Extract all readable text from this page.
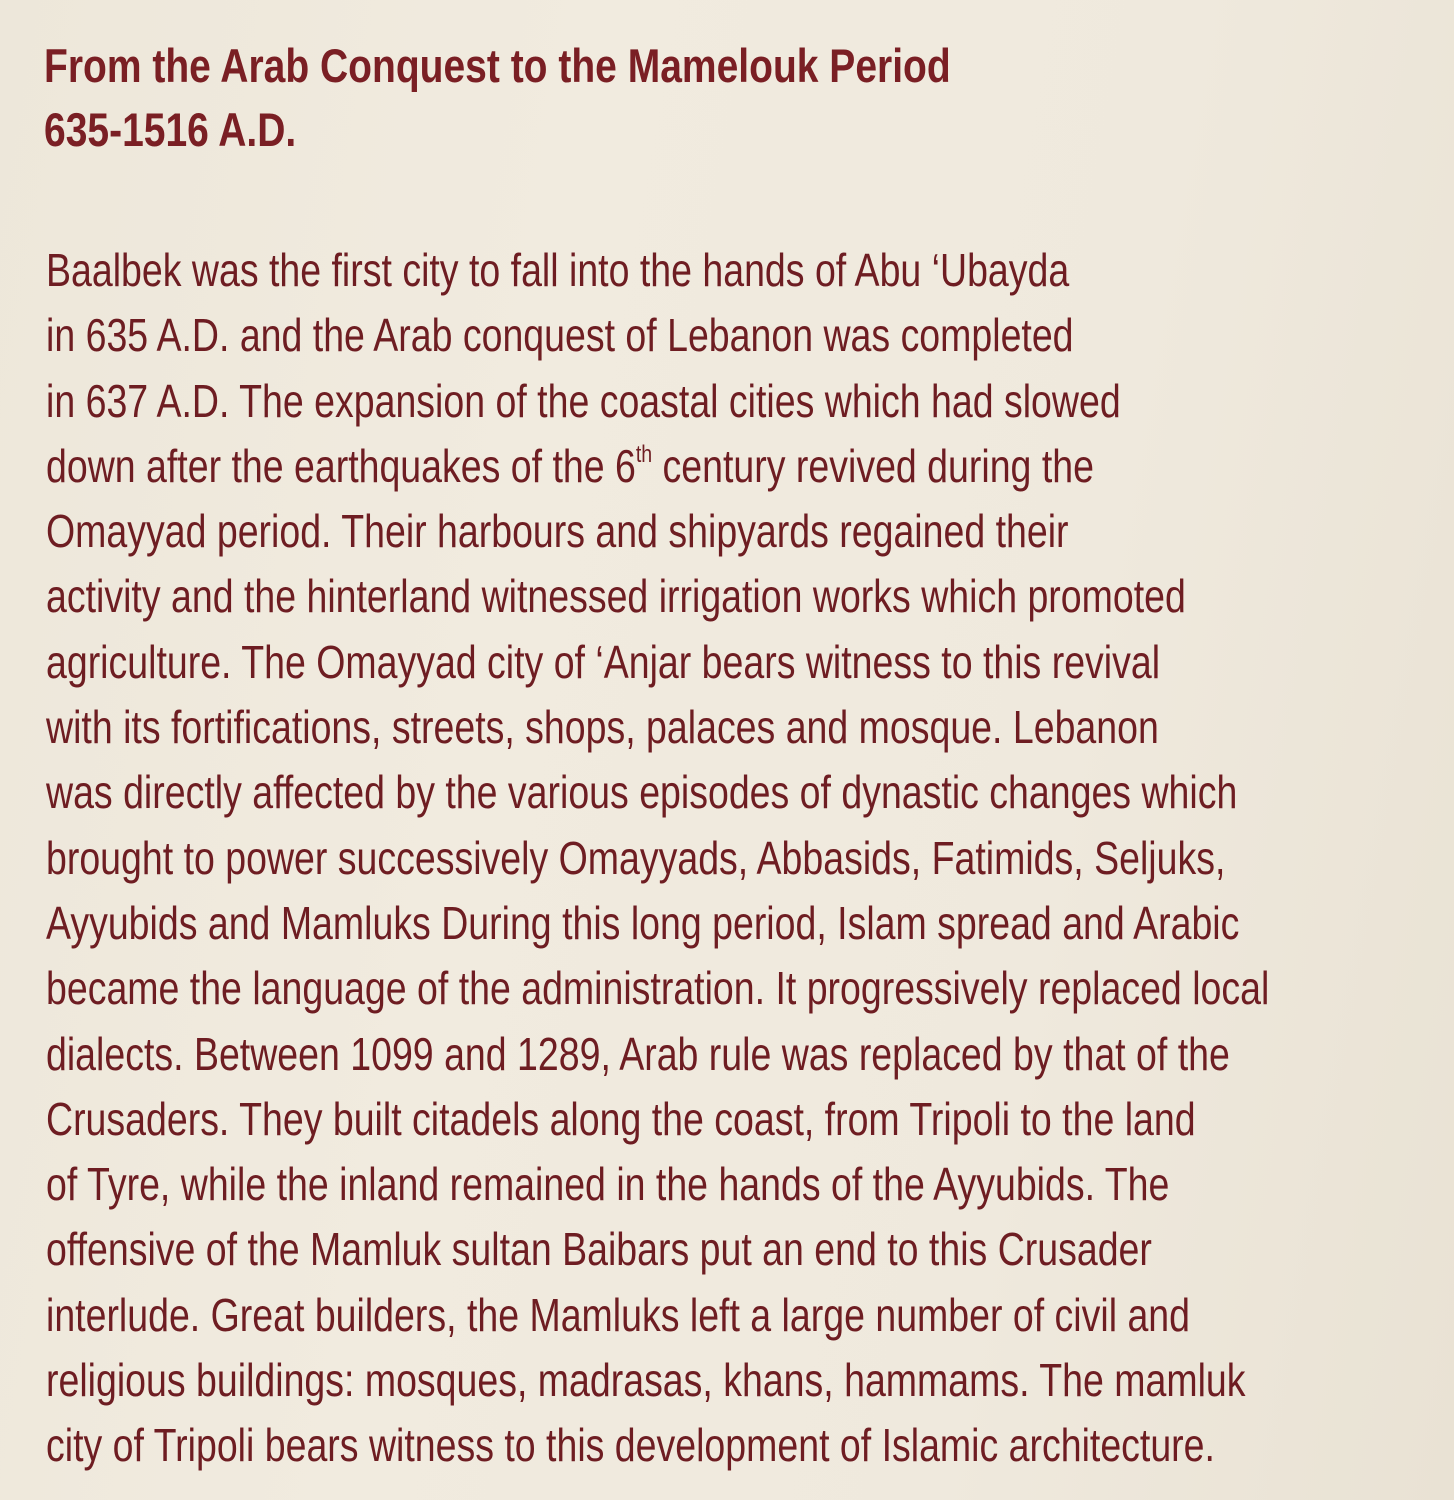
From the Arab Conquest to the Mamelouk Period
635-1516 A.D.
Baalbek was the first city to fall into the hands of Abu ‘Ubayda
in 635 A.D. and the Arab conquest of Lebanon was completed
in 637 A.D. The expansion of the coastal cities which had slowed
down after the earthquakes of the 6th century revived during the
Omayyad period. Their harbours and shipyards regained their
activity and the hinterland witnessed irrigation works which promoted
agriculture. The Omayyad city of ‘Anjar bears witness to this revival
with its fortifications, streets, shops, palaces and mosque. Lebanon
was directly affected by the various episodes of dynastic changes which
brought to power successively Omayyads, Abbasids, Fatimids, Seljuks,
Ayyubids and Mamluks During this long period, Islam spread and Arabic
became the language of the administration. It progressively replaced local
dialects. Between 1099 and 1289, Arab rule was replaced by that of the
Crusaders. They built citadels along the coast, from Tripoli to the land
of Tyre, while the inland remained in the hands of the Ayyubids. The
offensive of the Mamluk sultan Baibars put an end to this Crusader
interlude. Great builders, the Mamluks left a large number of civil and
religious buildings: mosques, madrasas, khans, hammams. The mamluk
city of Tripoli bears witness to this development of Islamic architecture.
